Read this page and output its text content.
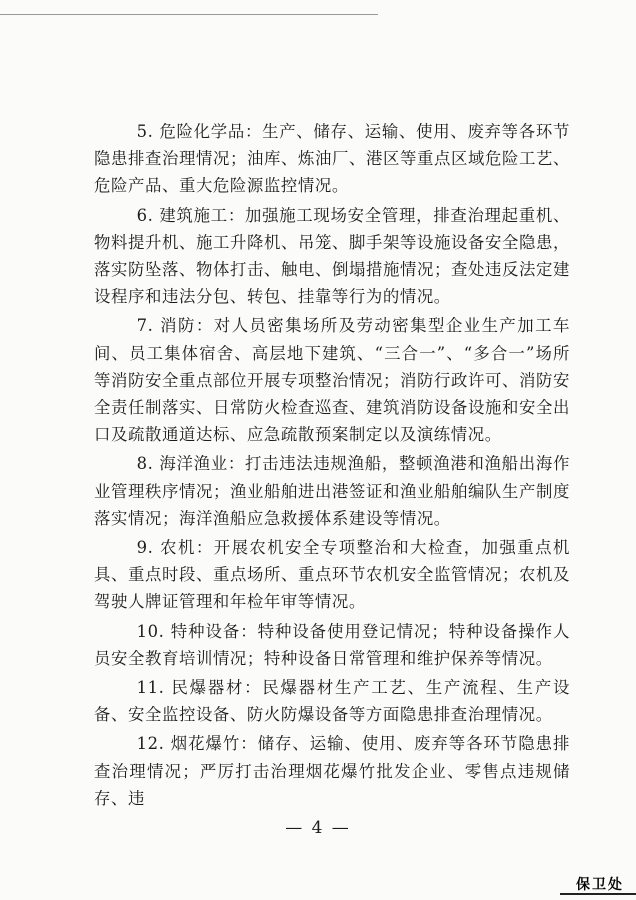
5. 危险化学品：生产、储存、运输、使用、废弃等各环节隐患排查治理情况；油库、炼油厂、港区等重点区域危险工艺、危险产品、重大危险源监控情况。

6. 建筑施工：加强施工现场安全管理，排查治理起重机、物料提升机、施工升降机、吊笼、脚手架等设施设备安全隐患，落实防坠落、物体打击、触电、倒塌措施情况；查处违反法定建设程序和违法分包、转包、挂靠等行为的情况。

7. 消防：对人员密集场所及劳动密集型企业生产加工车间、员工集体宿舍、高层地下建筑、“三合一”、“多合一”场所等消防安全重点部位开展专项整治情况；消防行政许可、消防安全责任制落实、日常防火检查巡查、建筑消防设备设施和安全出口及疏散通道达标、应急疏散预案制定以及演练情况。

8. 海洋渔业：打击违法违规渔船，整顿渔港和渔船出海作业管理秩序情况；渔业船舶进出港签证和渔业船舶编队生产制度落实情况；海洋渔船应急救援体系建设等情况。

9. 农机：开展农机安全专项整治和大检查，加强重点机具、重点时段、重点场所、重点环节农机安全监管情况；农机及驾驶人牌证管理和年检年审等情况。

10. 特种设备：特种设备使用登记情况；特种设备操作人员安全教育培训情况；特种设备日常管理和维护保养等情况。

11. 民爆器材：民爆器材生产工艺、生产流程、生产设备、安全监控设备、防火防爆设备等方面隐患排查治理情况。

12. 烟花爆竹：储存、运输、使用、废弃等各环节隐患排查治理情况；严厉打击治理烟花爆竹批发企业、零售点违规储存、违

— 4 —
保卫处
